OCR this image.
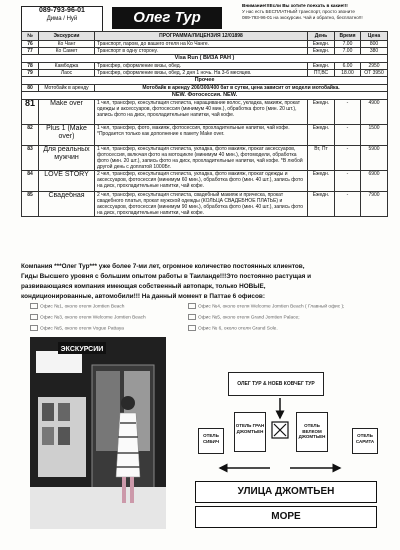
089-793-96-01
Дима / Нуй	Олег Тур
Внимание!!!Если Вы хотите поехать в какие!!!
У нас есть БЕСПЛАТНЫЙ транспорт, просто звоните
089-793-96-01 на экскурсии. Чай и обратно, бесплатно!!!
№	Экскурсии	ПРОГРАММА/ЛИЦЕНЗИЯ 12/01898	День	Время	Цена
76	Ко Чанг	Транспорт, паром, до вашего отеля на Ко Чанге.	Ежедн.	7.00	800
77	Ко Самет	Транспорт в одну сторону.	Ежедн.	7.00	380
Visa Run ( ВИЗА РАН )					
78	Камбоджа	Трансфер, оформление визы, обед.	Ежедн.	6.00	2950
79	Лаос	Трансфер, оформление визы, обед, 2 дня 1 ночь. На 3-6 месяцев.	ПТ,ВС	18.00	ОТ 3950
Прочее					
80	Мотобайк в аренду	Мотобайк в аренду 200/300/400 бат в сутки, цена зависит от модели мотобайка.			
NEW. Фотосессия. NEW.					
81	Make over	1 чел, трансфер, консультация стилиста, наращивание волос, укладка, макияж, прокат одежды и аксессуаров, фотосессия (минимум 40 мин.), обработка фото (мин. 20 шт.), запись фото на диск, прохладительные напитки, чай кофе.	Ежедн.	-	4900
82	Plus 1 (Make over)	1 чел, трансфер, фото, макияж, фотосессия, прохладительные напитки, чай кофе. *Продается только как дополнение к пакету Make over.	Ежедн.	-	1500
83	Для реальных мужчин	1 чел, трансфер, консультация стилиста, укладка, фото макияж, прокат аксессуаров, фотосессия, включая фото на мотоцикле (минимум 40 мин.), фотомодели, обработка фото (мин. 20 шт.), запись фото на диск, прохладительные напитки, чай кофе. *В любой другой день с доплатой 1000Бт.	Вт, Пт	-	5900
84	LOVE STORY	2 чел, трансфер, консультация стилиста, укладка, фото макияж, прокат одежды и аксессуаров, фотосессия (минимум 60 мин.), обработка фото (мин. 40 шт.), запись фото на диск, прохладительные напитки, чай кофе.	Ежедн.	-	6900
85	Свадебная	2 чел, трансфер, консультация стилиста, свадебный макияж и прическа, прокат свадебного платья, прокат мужской одежды (КОЛЬЦА СВАДЕБНОЕ ПЛАТЬЕ) и аксессуаров, фотосессия (минимум 90 мин.), обработка фото (мин. 40 шт.), запись фото на диск, прохладительные напитки, чай кофе.	Ежедн.	-	7900
Компания ***Олег Тур*** уже более 7-ми лет, огромное количество постоянных клиентов,
Гиды Высшего уровня с большим опытом работы в Таиланде!!!Это постоянно растущая и
развивающаяся компания имеющая собственный автопарк, только НОВЫЕ,
кондиционированные, автомобили!!! На данный момент в Паттае 6 офисов:
Офис №1, около отеля Jomtien Beach	Офис №4, около отеля Welcome Jomtien Beach ( Главный офис );
Офис №3, около отеля Welcome Jomtien Beach	Офис №5, около отеля Grand Jomtien Palace;
Офис №5, около отеля Vogue Pattaya	Офис № 6, около отеля Grand Sole.
ЭКСКУРСИИ
ОЛЕГ ТУР & НОЕВ КОВЧЕГ ТУР
ОТЕЛЬ СИБИЧ
ОТЕЛЬ ГРАН ДЖОМТЬЕН
ОТЕЛЬ ВЕЛКОМ ДЖОМТЬЕН	ОТЕЛЬ САРИТА
УЛИЦА ДЖОМТЬЕН
МОРЕ
